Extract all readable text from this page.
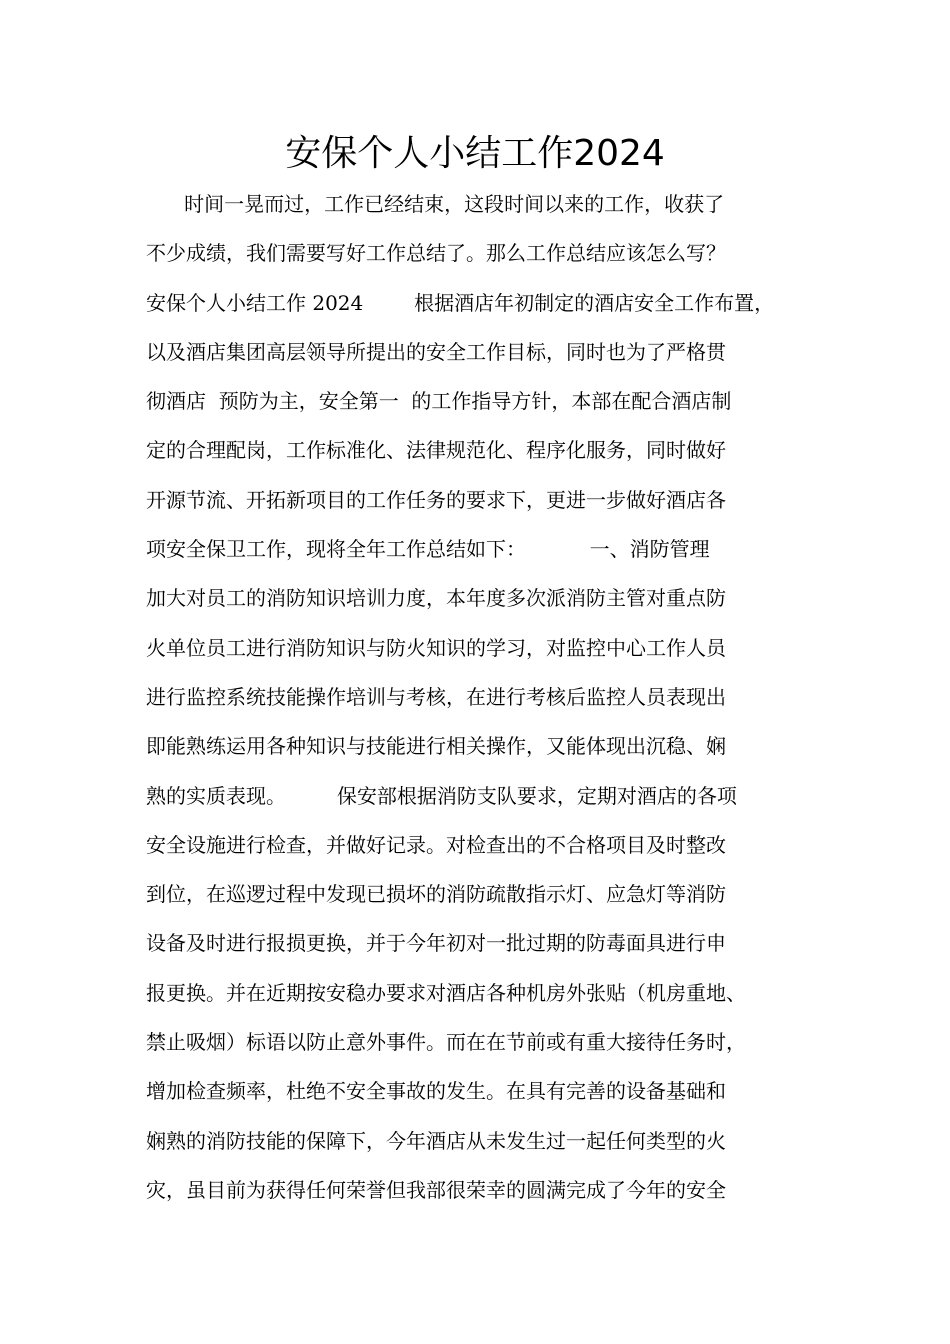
安保个人小结工作2024
时间一晃而过，工作已经结束，这段时间以来的工作，收获了
不少成绩，我们需要写好工作总结了。那么工作总结应该怎么写？
安保个人小结工作 2024        根据酒店年初制定的酒店安全工作布置，
以及酒店集团高层领导所提出的安全工作目标，同时也为了严格贯
彻酒店  预防为主，安全第一  的工作指导方针，本部在配合酒店制
定的合理配岗，工作标准化、法律规范化、程序化服务，同时做好
开源节流、开拓新项目的工作任务的要求下，更进一步做好酒店各
项安全保卫工作，现将全年工作总结如下：          一、消防管理
加大对员工的消防知识培训力度，本年度多次派消防主管对重点防
火单位员工进行消防知识与防火知识的学习，对监控中心工作人员
进行监控系统技能操作培训与考核，在进行考核后监控人员表现出
即能熟练运用各种知识与技能进行相关操作，又能体现出沉稳、娴
熟的实质表现。        保安部根据消防支队要求，定期对酒店的各项
安全设施进行检查，并做好记录。对检查出的不合格项目及时整改
到位，在巡逻过程中发现已损坏的消防疏散指示灯、应急灯等消防
设备及时进行报损更换，并于今年初对一批过期的防毒面具进行申
报更换。并在近期按安稳办要求对酒店各种机房外张贴（机房重地、
禁止吸烟）标语以防止意外事件。而在在节前或有重大接待任务时，
增加检查频率，杜绝不安全事故的发生。在具有完善的设备基础和
娴熟的消防技能的保障下，今年酒店从未发生过一起任何类型的火
灾，虽目前为获得任何荣誉但我部很荣幸的圆满完成了今年的安全
